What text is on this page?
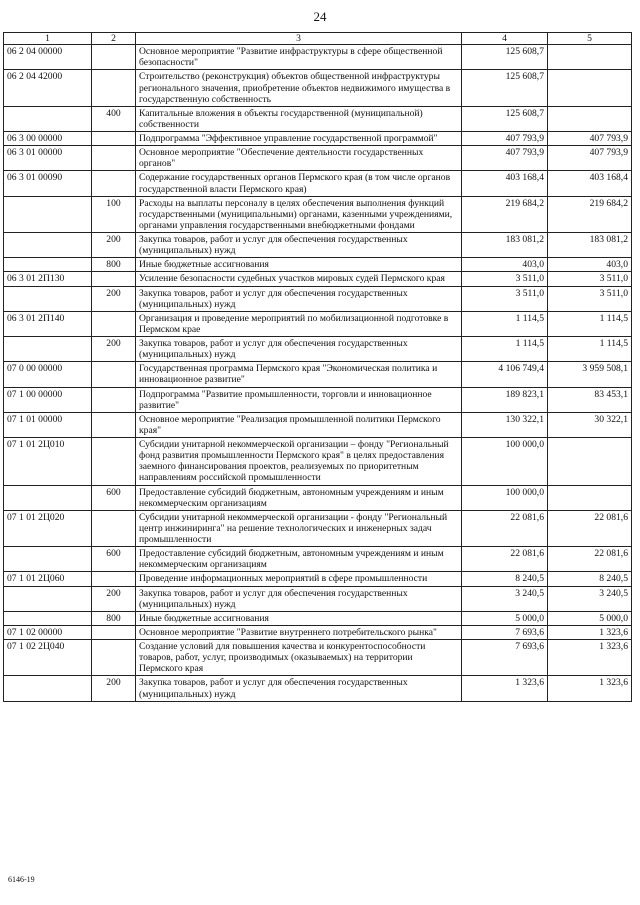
24
1	2	3	4	5
06 2 04 00000		Основное мероприятие "Развитие инфраструктуры в сфере общественной безопасности"	125 608,7	
06 2 04 42000		Строительство (реконструкция) объектов общественной инфраструктуры регионального значения, приобретение объектов недвижимого имущества в государственную собственность	125 608,7	
	400	Капитальные вложения в объекты государственной (муниципальной) собственности	125 608,7	
06 3 00 00000		Подпрограмма "Эффективное управление государственной программой"	407 793,9	407 793,9
06 3 01 00000		Основное мероприятие "Обеспечение деятельности государственных органов"	407 793,9	407 793,9
06 3 01 00090		Содержание государственных органов Пермского края (в том числе органов государственной власти Пермского края)	403 168,4	403 168,4
	100	Расходы на выплаты персоналу в целях обеспечения выполнения функций государственными (муниципальными) органами, казенными учреждениями, органами управления государственными внебюджетными фондами	219 684,2	219 684,2
	200	Закупка товаров, работ и услуг для обеспечения государственных (муниципальных) нужд	183 081,2	183 081,2
	800	Иные бюджетные ассигнования	403,0	403,0
06 3 01 2П130		Усиление безопасности судебных участков мировых судей Пермского края	3 511,0	3 511,0
	200	Закупка товаров, работ и услуг для обеспечения государственных (муниципальных) нужд	3 511,0	3 511,0
06 3 01 2П140		Организация и проведение мероприятий по мобилизационной подготовке в Пермском крае	1 114,5	1 114,5
	200	Закупка товаров, работ и услуг для обеспечения государственных (муниципальных) нужд	1 114,5	1 114,5
07 0 00 00000		Государственная программа Пермского края "Экономическая политика и инновационное развитие"	4 106 749,4	3 959 508,1
07 1 00 00000		Подпрограмма "Развитие промышленности, торговли и инновационное развитие"	189 823,1	83 453,1
07 1 01 00000		Основное мероприятие "Реализация промышленной политики Пермского края"	130 322,1	30 322,1
07 1 01 2Ц010		Субсидии унитарной некоммерческой организации – фонду "Региональный фонд развития промышленности Пермского края" в целях предоставления заемного финансирования проектов, реализуемых по приоритетным направлениям российской промышленности	100 000,0	
	600	Предоставление субсидий бюджетным, автономным учреждениям и иным некоммерческим организациям	100 000,0	
07 1 01 2Ц020		Субсидии унитарной некоммерческой организации - фонду "Региональный центр инжиниринга" на решение технологических и инженерных задач промышленности	22 081,6	22 081,6
	600	Предоставление субсидий бюджетным, автономным учреждениям и иным некоммерческим организациям	22 081,6	22 081,6
07 1 01 2Ц060		Проведение информационных мероприятий в сфере промышленности	8 240,5	8 240,5
	200	Закупка товаров, работ и услуг для обеспечения государственных (муниципальных) нужд	3 240,5	3 240,5
	800	Иные бюджетные ассигнования	5 000,0	5 000,0
07 1 02 00000		Основное мероприятие "Развитие внутреннего потребительского рынка"	7 693,6	1 323,6
07 1 02 2Ц040		Создание условий для повышения качества и конкурентоспособности товаров, работ, услуг, производимых (оказываемых) на территории Пермского края	7 693,6	1 323,6
	200	Закупка товаров, работ и услуг для обеспечения государственных (муниципальных) нужд	1 323,6	1 323,6
6146-19
